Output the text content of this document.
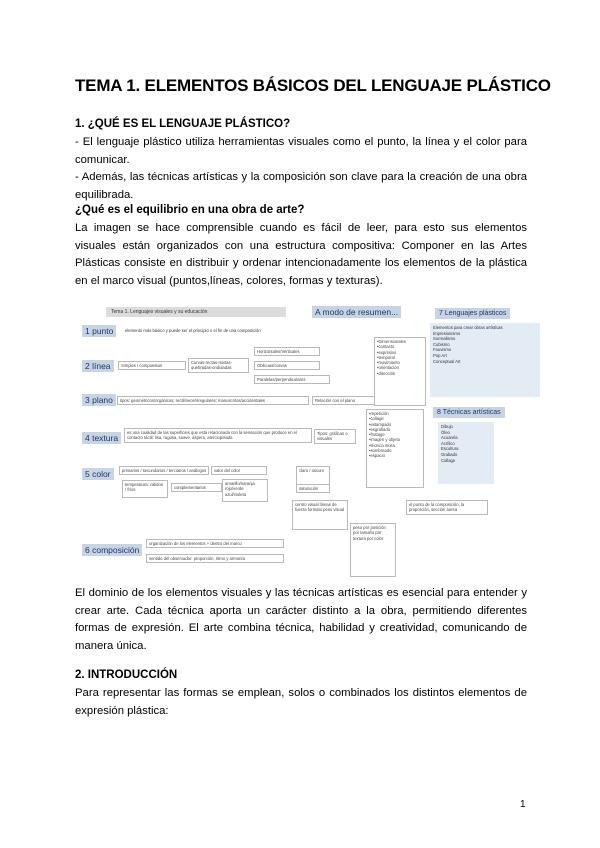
TEMA 1. ELEMENTOS BÁSICOS DEL LENGUAJE PLÁSTICO
1. ¿QUÉ ES EL LENGUAJE PLÁSTICO?

- El lenguaje plástico utiliza herramientas visuales como el punto, la línea y el color para comunicar.

- Además, las técnicas artísticas y la composición son clave para la creación de una obra equilibrada.

¿Qué es el equilibrio en una obra de arte?

La imagen se hace comprensible cuando es fácil de leer, para esto sus elementos visuales están organizados con una estructura compositiva: Componer en las Artes Plásticas consiste en distribuir y ordenar intencionadamente los elementos de la plástica en el marco visual (puntos,líneas, colores, formas y texturas).

Tema 1. Lenguajes visuales y su educación	A modo de resumen...
1 punto	elemento más básico y puede ser el principio o el fin de una composición
2 línea	Simples / compuestas
Curvas-rectas-mixtas-quebradas-onduladas
Horizontales/Verticales
Oblicuas/curvas
Paralelas/perpendiculares
3 plano	tipos: geométricos/orgánicos; rectilíneos/irregulares; manuscritos/accidentales	Relación con el plano
4 textura
es una cualidad de las superficies que está relacionada con la sensación que produce en el contacto táctil: lisa, rugosa, suave, áspera, aterciopelada
Tipos: gráficas o visuales
5 color	primarios / secundarios / terciarios / análogos
temperatura: cálidos / fríos	complementarios
amarillo/naranja rojo/verde azul/violeta
valor del color	claro / oscuro
saturación
6 composición
organización de los elementos + dentro del marco
sentido del observador: proporción, ritmo y armonía
centro visual líneas de fuerza formato peso visual
peso por posición por tamaño por textura por color
el punto de la composición, la proporción, sección áurea
•Dimensionales
•contacto
•expresivo
•temporal
•movimiento
•orientación
•dirección
•repetición
•collage
•estampado
•esgrafiado
•frottage
•imagen y objeto
•técnica mixta
•sombreado
•espacio
7 Lenguajes plásticos
Elementos para crear obras artísticas
Impresionismo
Surrealismo
Cubismo
Fauvismo
Pop Art
Conceptual Art
8 Técnicas artísticas
Dibujo
Óleo
Acuarela
Acrílico
Escultura
Grabado
Collage

El dominio de los elementos visuales y las técnicas artísticas es esencial para entender y crear arte. Cada técnica aporta un carácter distinto a la obra, permitiendo diferentes formas de expresión. El arte combina técnica, habilidad y creatividad, comunicando de manera única.

2. INTRODUCCIÓN

Para representar las formas se emplean, solos o combinados los distintos elementos de expresión plástica:

1
